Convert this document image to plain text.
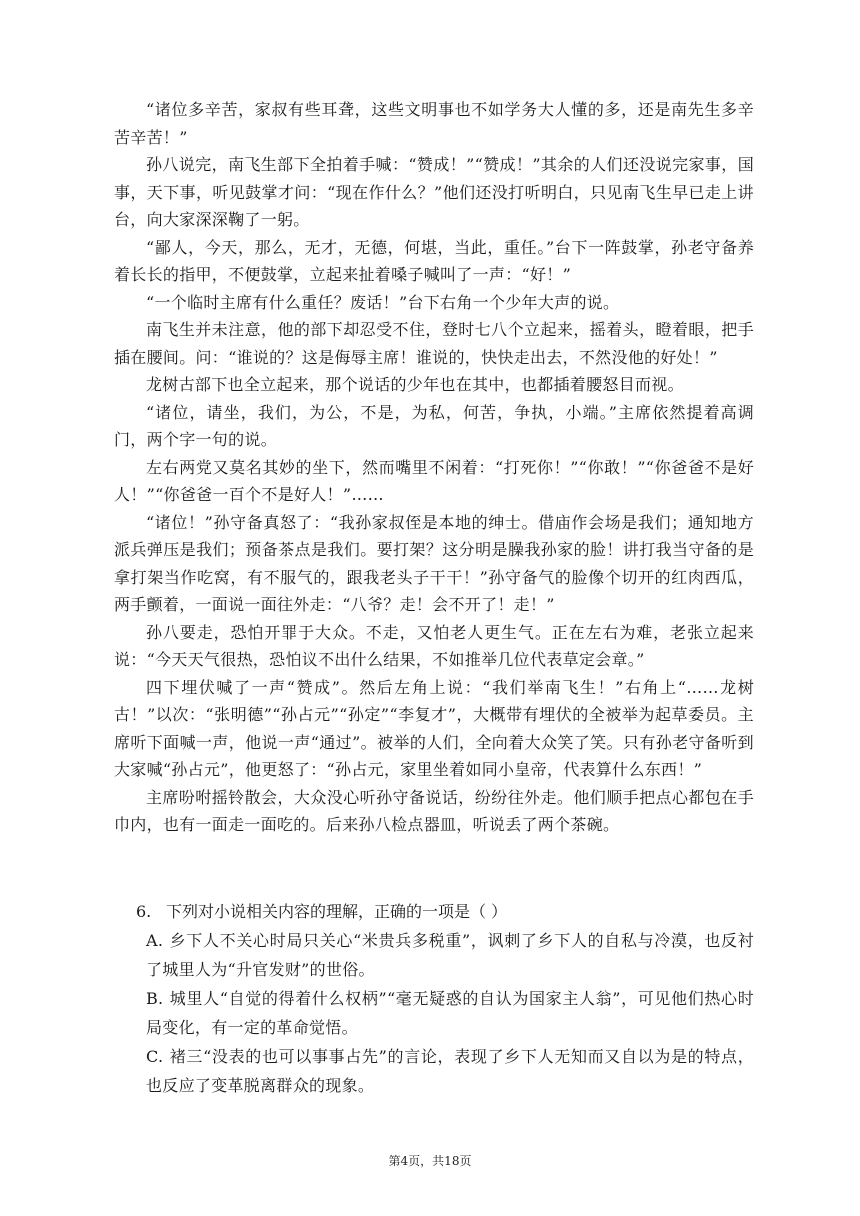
“诸位多辛苦，家叔有些耳聋，这些文明事也不如学务大人懂的多，还是南先生多辛苦辛苦！”

孙八说完，南飞生部下全拍着手喊：“赞成！”“赞成！”其余的人们还没说完家事，国事，天下事，听见鼓掌才问：“现在作什么？”他们还没打听明白，只见南飞生早已走上讲台，向大家深深鞠了一躬。

“鄙人，今天，那么，无才，无德，何堪，当此，重任。”台下一阵鼓掌，孙老守备养着长长的指甲，不便鼓掌，立起来扯着嗓子喊叫了一声：“好！”

“一个临时主席有什么重任？废话！”台下右角一个少年大声的说。

南飞生并未注意，他的部下却忍受不住，登时七八个立起来，摇着头，瞪着眼，把手插在腰间。问：“谁说的？这是侮辱主席！谁说的，快快走出去，不然没他的好处！”

龙树古部下也全立起来，那个说话的少年也在其中，也都插着腰怒目而视。

“诸位，请坐，我们，为公，不是，为私，何苦，争执，小端。”主席依然提着高调门，两个字一句的说。

左右两党又莫名其妙的坐下，然而嘴里不闲着：“打死你！”“你敢！”“你爸爸不是好人！”“你爸爸一百个不是好人！”……

“诸位！”孙守备真怒了：“我孙家叔侄是本地的绅士。借庙作会场是我们；通知地方派兵弹压是我们；预备茶点是我们。要打架？这分明是臊我孙家的脸！讲打我当守备的是拿打架当作吃窝，有不服气的，跟我老头子干干！”孙守备气的脸像个切开的红肉西瓜，两手颤着，一面说一面往外走：“八爷？走！会不开了！走！”

孙八要走，恐怕开罪于大众。不走，又怕老人更生气。正在左右为难，老张立起来说：“今天天气很热，恐怕议不出什么结果，不如推举几位代表草定会章。”

四下埋伏喊了一声“赞成”。然后左角上说：“我们举南飞生！”右角上“……龙树古！”以次：“张明德”“孙占元”“孙定”“李复才”，大概带有埋伏的全被举为起草委员。主席听下面喊一声，他说一声“通过”。被举的人们，全向着大众笑了笑。只有孙老守备听到大家喊“孙占元”，他更怒了：“孙占元，家里坐着如同小皇帝，代表算什么东西！”

主席吩咐摇铃散会，大众没心听孙守备说话，纷纷往外走。他们顺手把点心都包在手巾内，也有一面走一面吃的。后来孙八检点器皿，听说丢了两个茶碗。

6. 下列对小说相关内容的理解，正确的一项是（ ）

A. 乡下人不关心时局只关心“米贵兵多税重”，讽刺了乡下人的自私与冷漠，也反衬了城里人为“升官发财”的世俗。

B. 城里人“自觉的得着什么权柄”“毫无疑惑的自认为国家主人翁”，可见他们热心时局变化，有一定的革命觉悟。

C. 褚三“没表的也可以事事占先”的言论，表现了乡下人无知而又自以为是的特点，也反应了变革脱离群众的现象。

第4页，共18页
